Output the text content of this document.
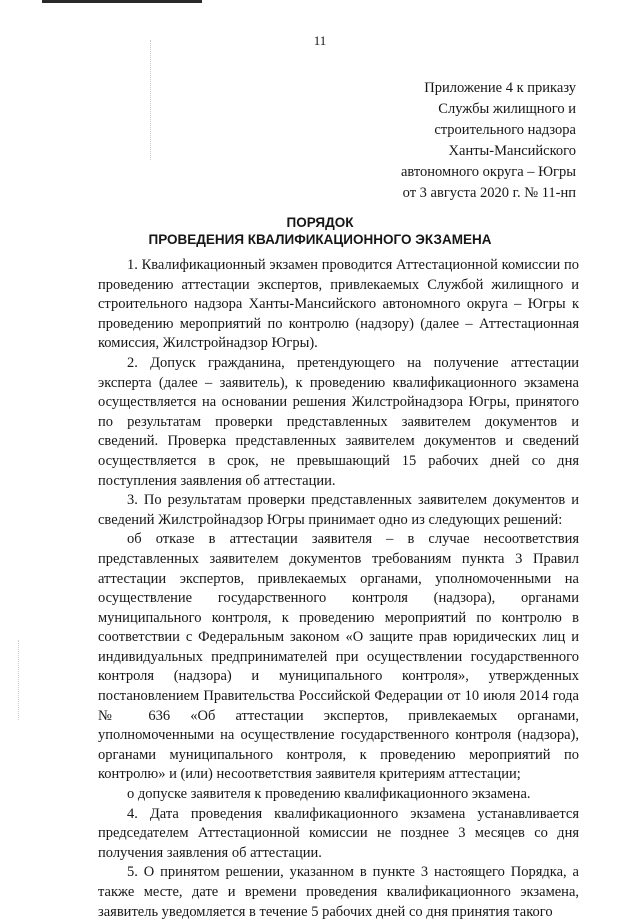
11
Приложение 4 к приказу
Службы жилищного и
строительного надзора
Ханты-Мансийского
автономного округа – Югры
от 3 августа 2020 г. № 11-нп
ПОРЯДОК
ПРОВЕДЕНИЯ КВАЛИФИКАЦИОННОГО ЭКЗАМЕНА

1. Квалификационный экзамен проводится Аттестационной комиссии по проведению аттестации экспертов, привлекаемых Службой жилищного и строительного надзора Ханты-Мансийского автономного округа – Югры к проведению мероприятий по контролю (надзору) (далее – Аттестационная комиссия, Жилстройнадзор Югры).

2. Допуск гражданина, претендующего на получение аттестации эксперта (далее – заявитель), к проведению квалификационного экзамена осуществляется на основании решения Жилстройнадзора Югры, принятого по результатам проверки представленных заявителем документов и сведений. Проверка представленных заявителем документов и сведений осуществляется в срок, не превышающий 15 рабочих дней со дня поступления заявления об аттестации.

3. По результатам проверки представленных заявителем документов и сведений Жилстройнадзор Югры принимает одно из следующих решений:

об отказе в аттестации заявителя – в случае несоответствия представленных заявителем документов требованиям пункта 3 Правил аттестации экспертов, привлекаемых органами, уполномоченными на осуществление государственного контроля (надзора), органами муниципального контроля, к проведению мероприятий по контролю в соответствии с Федеральным законом «О защите прав юридических лиц и индивидуальных предпринимателей при осуществлении государственного контроля (надзора) и муниципального контроля», утвержденных постановлением Правительства Российской Федерации от 10 июля 2014 года № 636 «Об аттестации экспертов, привлекаемых органами, уполномоченными на осуществление государственного контроля (надзора), органами муниципального контроля, к проведению мероприятий по контролю» и (или) несоответствия заявителя критериям аттестации;

о допуске заявителя к проведению квалификационного экзамена.

4. Дата проведения квалификационного экзамена устанавливается председателем Аттестационной комиссии не позднее 3 месяцев со дня получения заявления об аттестации.

5. О принятом решении, указанном в пункте 3 настоящего Порядка, а также месте, дате и времени проведения квалификационного экзамена, заявитель уведомляется в течение 5 рабочих дней со дня принятия такого
